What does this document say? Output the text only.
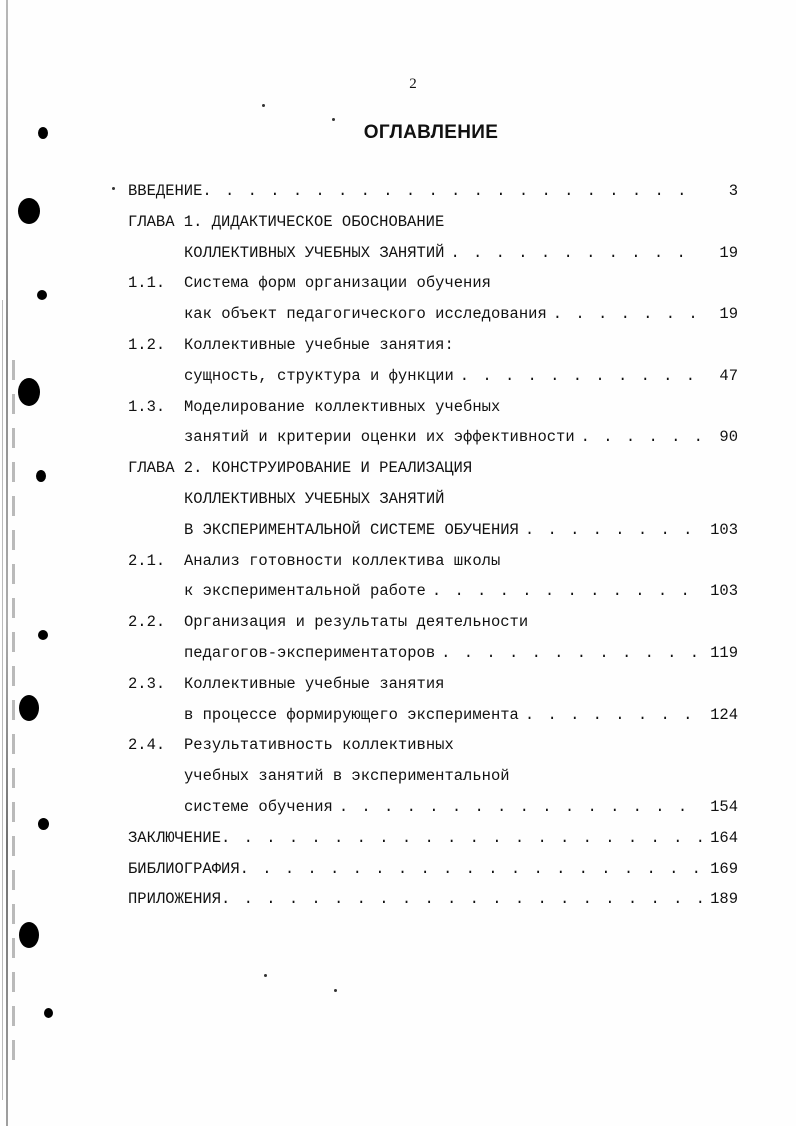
2
ОГЛАВЛЕНИЕ
ВВЕДЕНИЕ . . .	3
ГЛАВА 1. ДИДАКТИЧЕСКОЕ ОБОСНОВАНИЕ
КОЛЛЕКТИВНЫХ УЧЕБНЫХ ЗАНЯТИЙ . . .	19
1.1.	Система форм организации обучения
как объект педагогического исследования . . .	19
1.2.	Коллективные учебные занятия:
сущность, структура и функции . . .	47
1.3.	Моделирование коллективных учебных
занятий и критерии оценки их эффективности . . .	90
ГЛАВА 2. КОНСТРУИРОВАНИЕ И РЕАЛИЗАЦИЯ
КОЛЛЕКТИВНЫХ УЧЕБНЫХ ЗАНЯТИЙ
В ЭКСПЕРИМЕНТАЛЬНОЙ СИСТЕМЕ ОБУЧЕНИЯ . . .	103
2.1.	Анализ готовности коллектива школы
к экспериментальной работе . . .	103
2.2.	Организация и результаты деятельности
педагогов-экспериментаторов . . .	119
2.3.	Коллективные учебные занятия
в процессе формирующего эксперимента . . .	124
2.4.	Результативность коллективных
учебных занятий в экспериментальной
системе обучения . . .	154
ЗАКЛЮЧЕНИЕ . . .	164
БИБЛИОГРАФИЯ . . .	169
ПРИЛОЖЕНИЯ . . .	189
